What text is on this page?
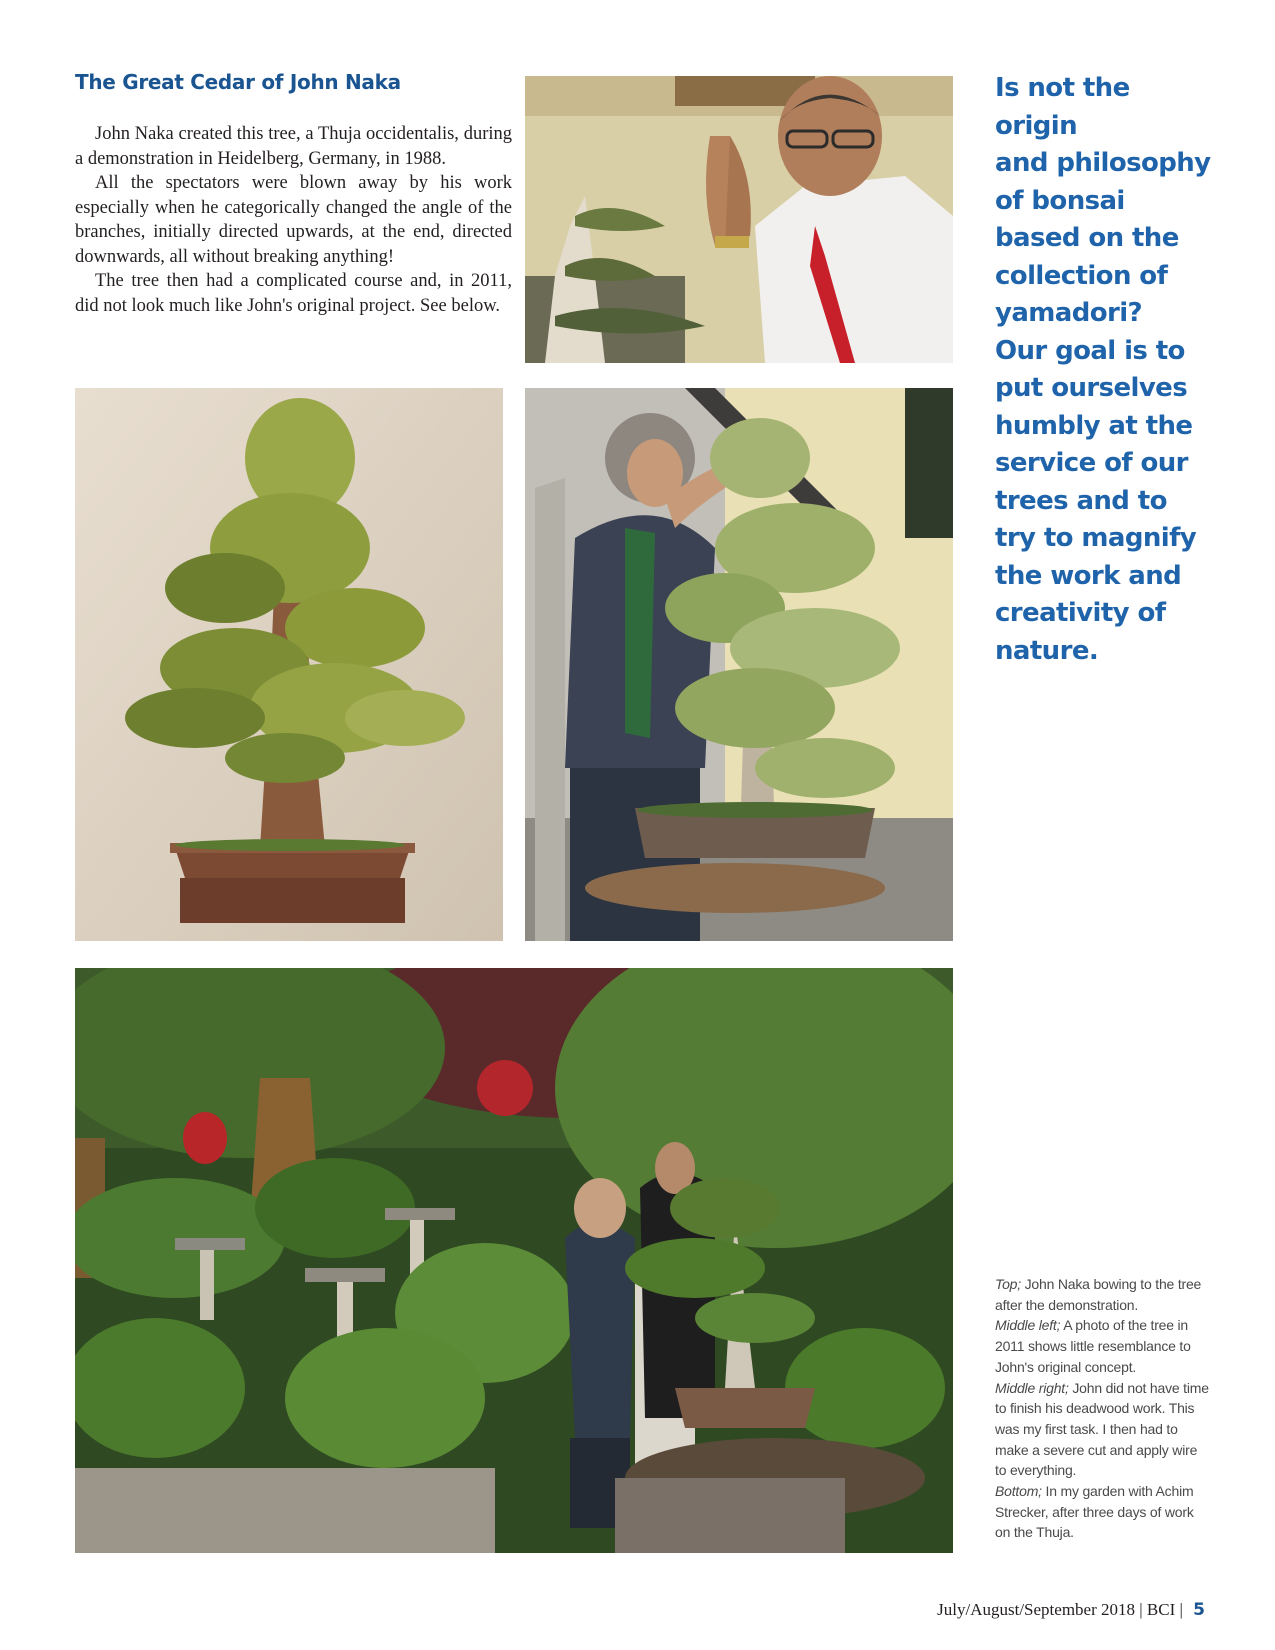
The Great Cedar of John Naka

John Naka created this tree, a Thuja occidentalis, during a demonstration in Heidelberg, Germany, in 1988.

All the spectators were blown away by his work especially when he categorically changed the angle of the branches, initially directed upwards, at the end, directed downwards, all without breaking anything!

The tree then had a complicated course and, in 2011, did not look much like John's original project. See below.

Is not the origin
and philosophy
of bonsai
based on the
collection of
yamadori?
Our goal is to
put ourselves
humbly at the
service of our
trees and to
try to magnify
the work and
creativity of
nature.

Top; John Naka bowing to the tree after the demonstration.

Middle left; A photo of the tree in 2011 shows little resemblance to John's original concept.

Middle right; John did not have time to finish his deadwood work. This was my first task. I then had to make a severe cut and apply wire to everything.

Bottom; In my garden with Achim Strecker, after three days of work on the Thuja.

July/August/September 2018 | BCI | 5
